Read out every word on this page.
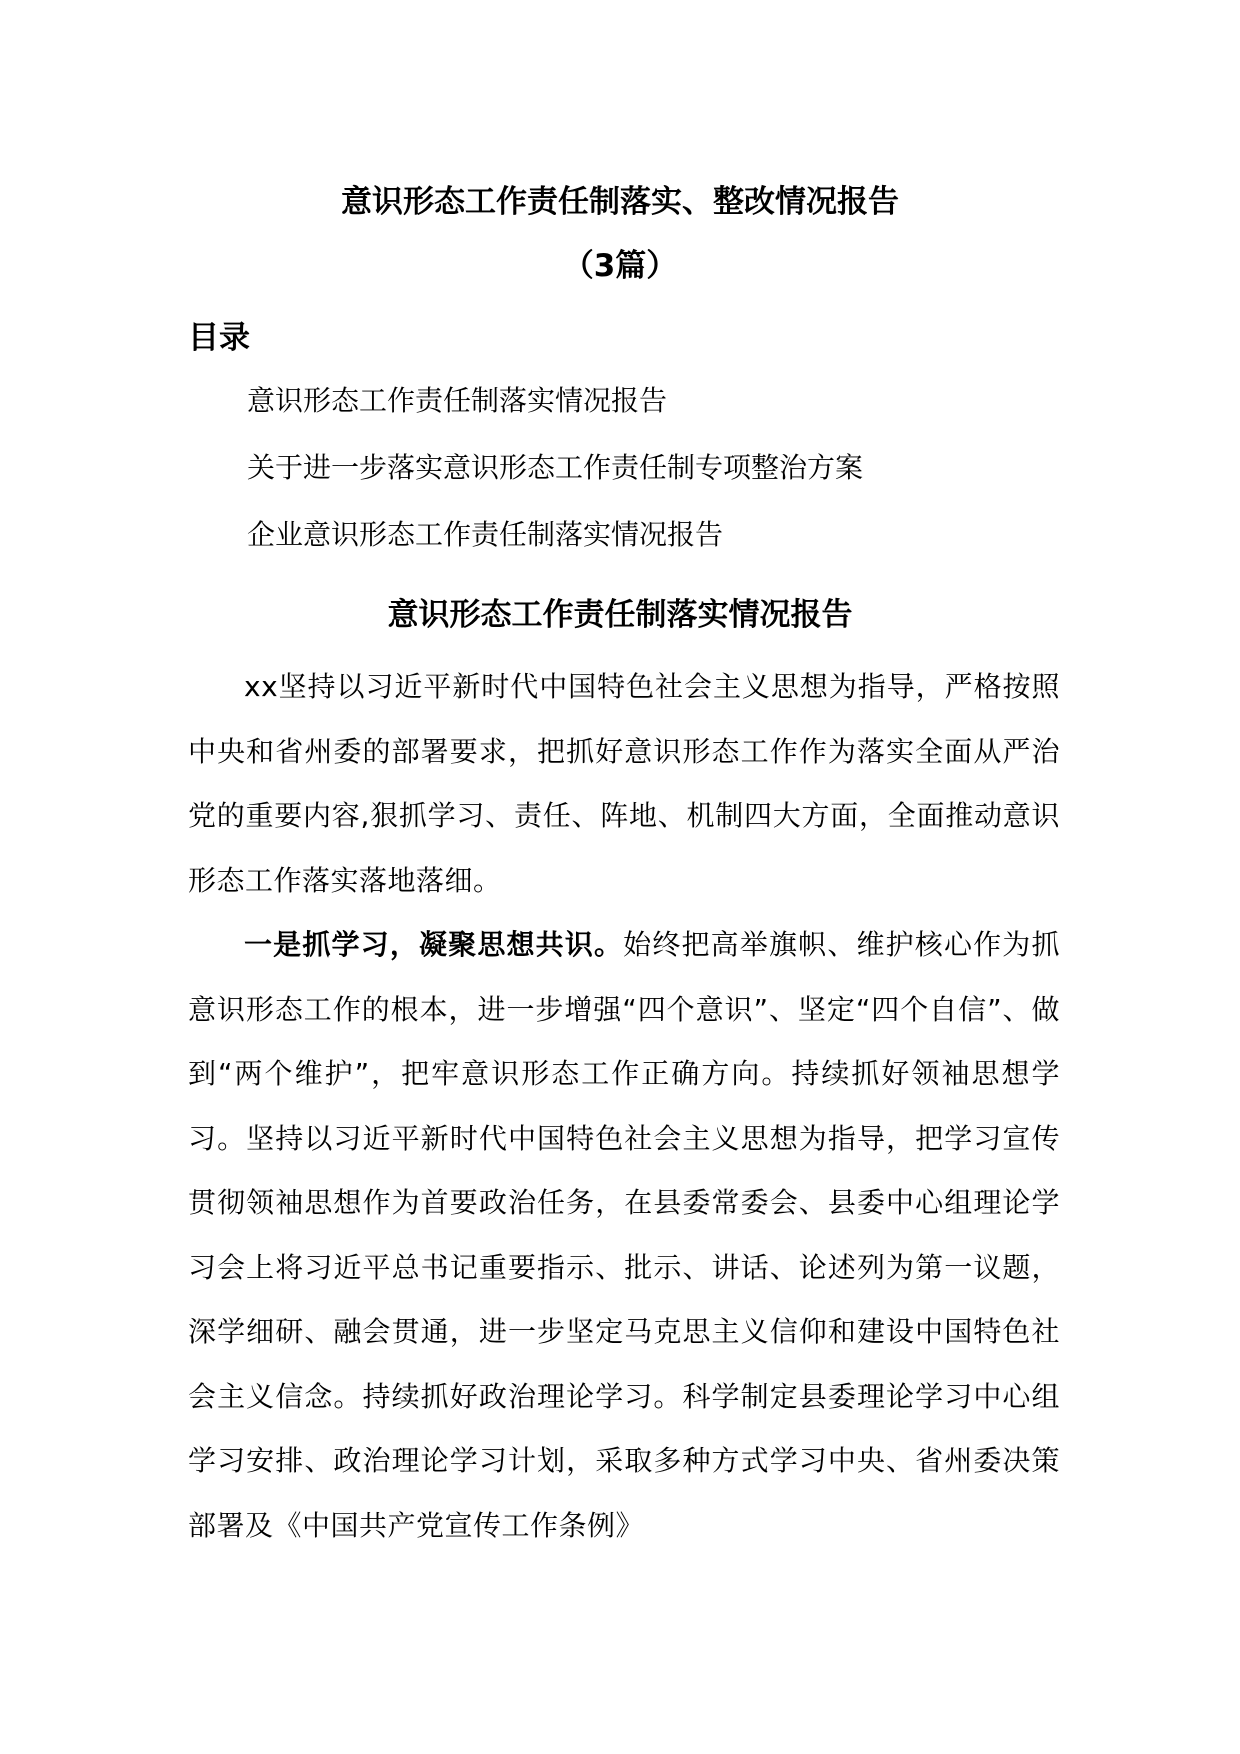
意识形态工作责任制落实、整改情况报告
（3篇）
目录
意识形态工作责任制落实情况报告
关于进一步落实意识形态工作责任制专项整治方案
企业意识形态工作责任制落实情况报告
意识形态工作责任制落实情况报告

xx坚持以习近平新时代中国特色社会主义思想为指导，严格按照中央和省州委的部署要求，把抓好意识形态工作作为落实全面从严治党的重要内容,狠抓学习、责任、阵地、机制四大方面，全面推动意识形态工作落实落地落细。

一是抓学习，凝聚思想共识。始终把高举旗帜、维护核心作为抓意识形态工作的根本，进一步增强“四个意识”、坚定“四个自信”、做到“两个维护”，把牢意识形态工作正确方向。持续抓好领袖思想学习。坚持以习近平新时代中国特色社会主义思想为指导，把学习宣传贯彻领袖思想作为首要政治任务，在县委常委会、县委中心组理论学习会上将习近平总书记重要指示、批示、讲话、论述列为第一议题，深学细研、融会贯通，进一步坚定马克思主义信仰和建设中国特色社会主义信念。持续抓好政治理论学习。科学制定县委理论学习中心组学习安排、政治理论学习计划，采取多种方式学习中央、省州委决策部署及《中国共产党宣传工作条例》
